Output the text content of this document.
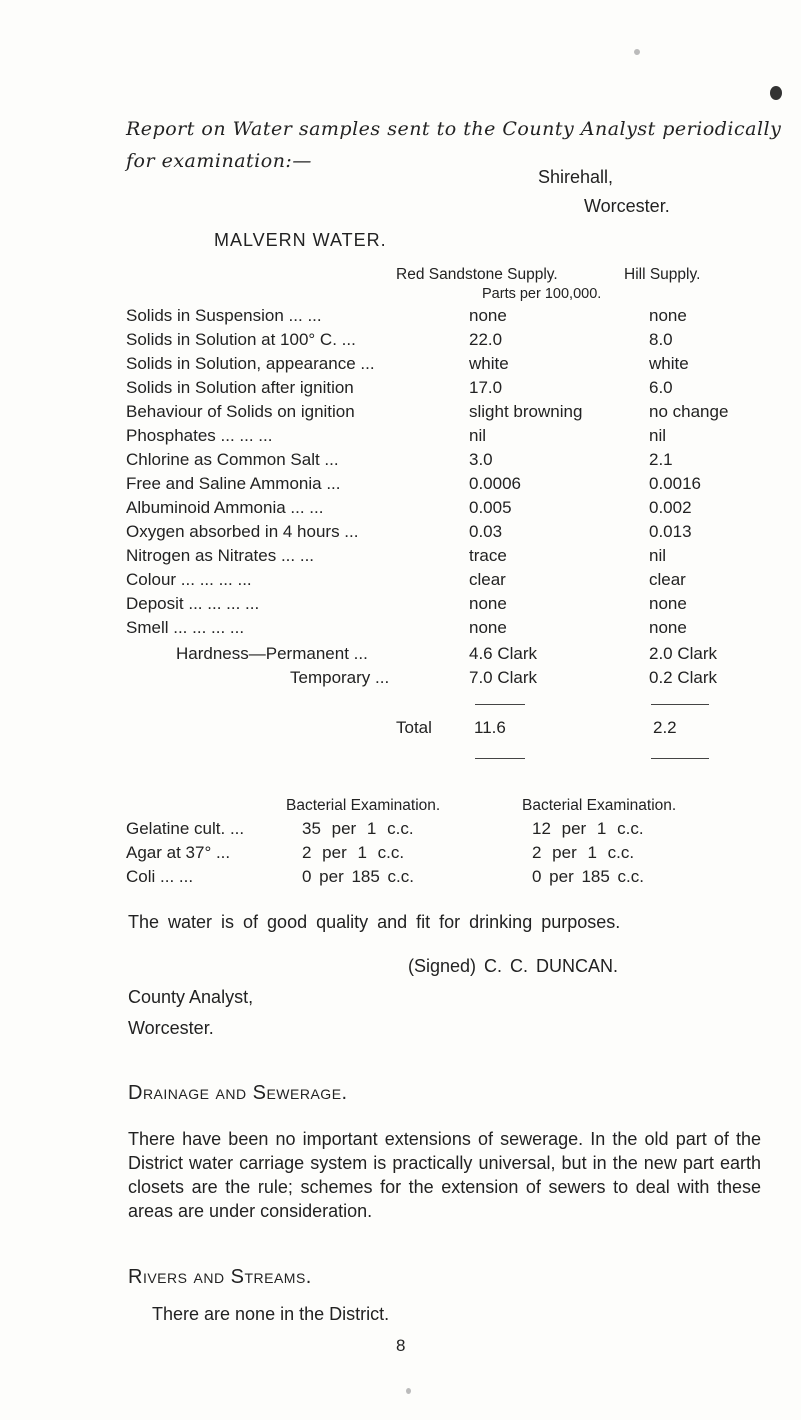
Report on Water samples sent to the County Analyst periodically
for examination:—
Shirehall,
Worcester.
MALVERN WATER.
Red Sandstone Supply.	Hill Supply.
Parts per 100,000.
Solids in Suspension ... ...	none	none
Solids in Solution at 100° C. ...	22.0	8.0
Solids in Solution, appearance ...	white	white
Solids in Solution after ignition	17.0	6.0
Behaviour of Solids on ignition	slight browning	no change
Phosphates ... ... ...	nil	nil
Chlorine as Common Salt ...	3.0	2.1
Free and Saline Ammonia ...	0.0006	0.0016
Albuminoid Ammonia ... ...	0.005	0.002
Oxygen absorbed in 4 hours ...	0.03	0.013
Nitrogen as Nitrates ... ...	trace	nil
Colour ... ... ... ...	clear	clear
Deposit ... ... ... ...	none	none
Smell ... ... ... ...	none	none
Hardness—Permanent ...	4.6 Clark	2.0 Clark
Temporary ...	7.0 Clark	0.2 Clark
Total 11.6	2.2
Bacterial Examination.	Bacterial Examination.
Gelatine cult. ...	35 per 1 c.c.	12 per 1 c.c.
Agar at 37° ...	2 per 1 c.c.	2 per 1 c.c.
Coli ... ...	0 per 185 c.c.	0 per 185 c.c.
The water is of good quality and fit for drinking purposes.
(Signed) C. C. DUNCAN.
County Analyst,
Worcester.
Drainage and Sewerage.
There have been no important extensions of sewerage. In the old part of the District water carriage system is practically universal, but in the new part earth closets are the rule; schemes for the extension of sewers to deal with these areas are under consideration.
Rivers and Streams.
There are none in the District.
8
